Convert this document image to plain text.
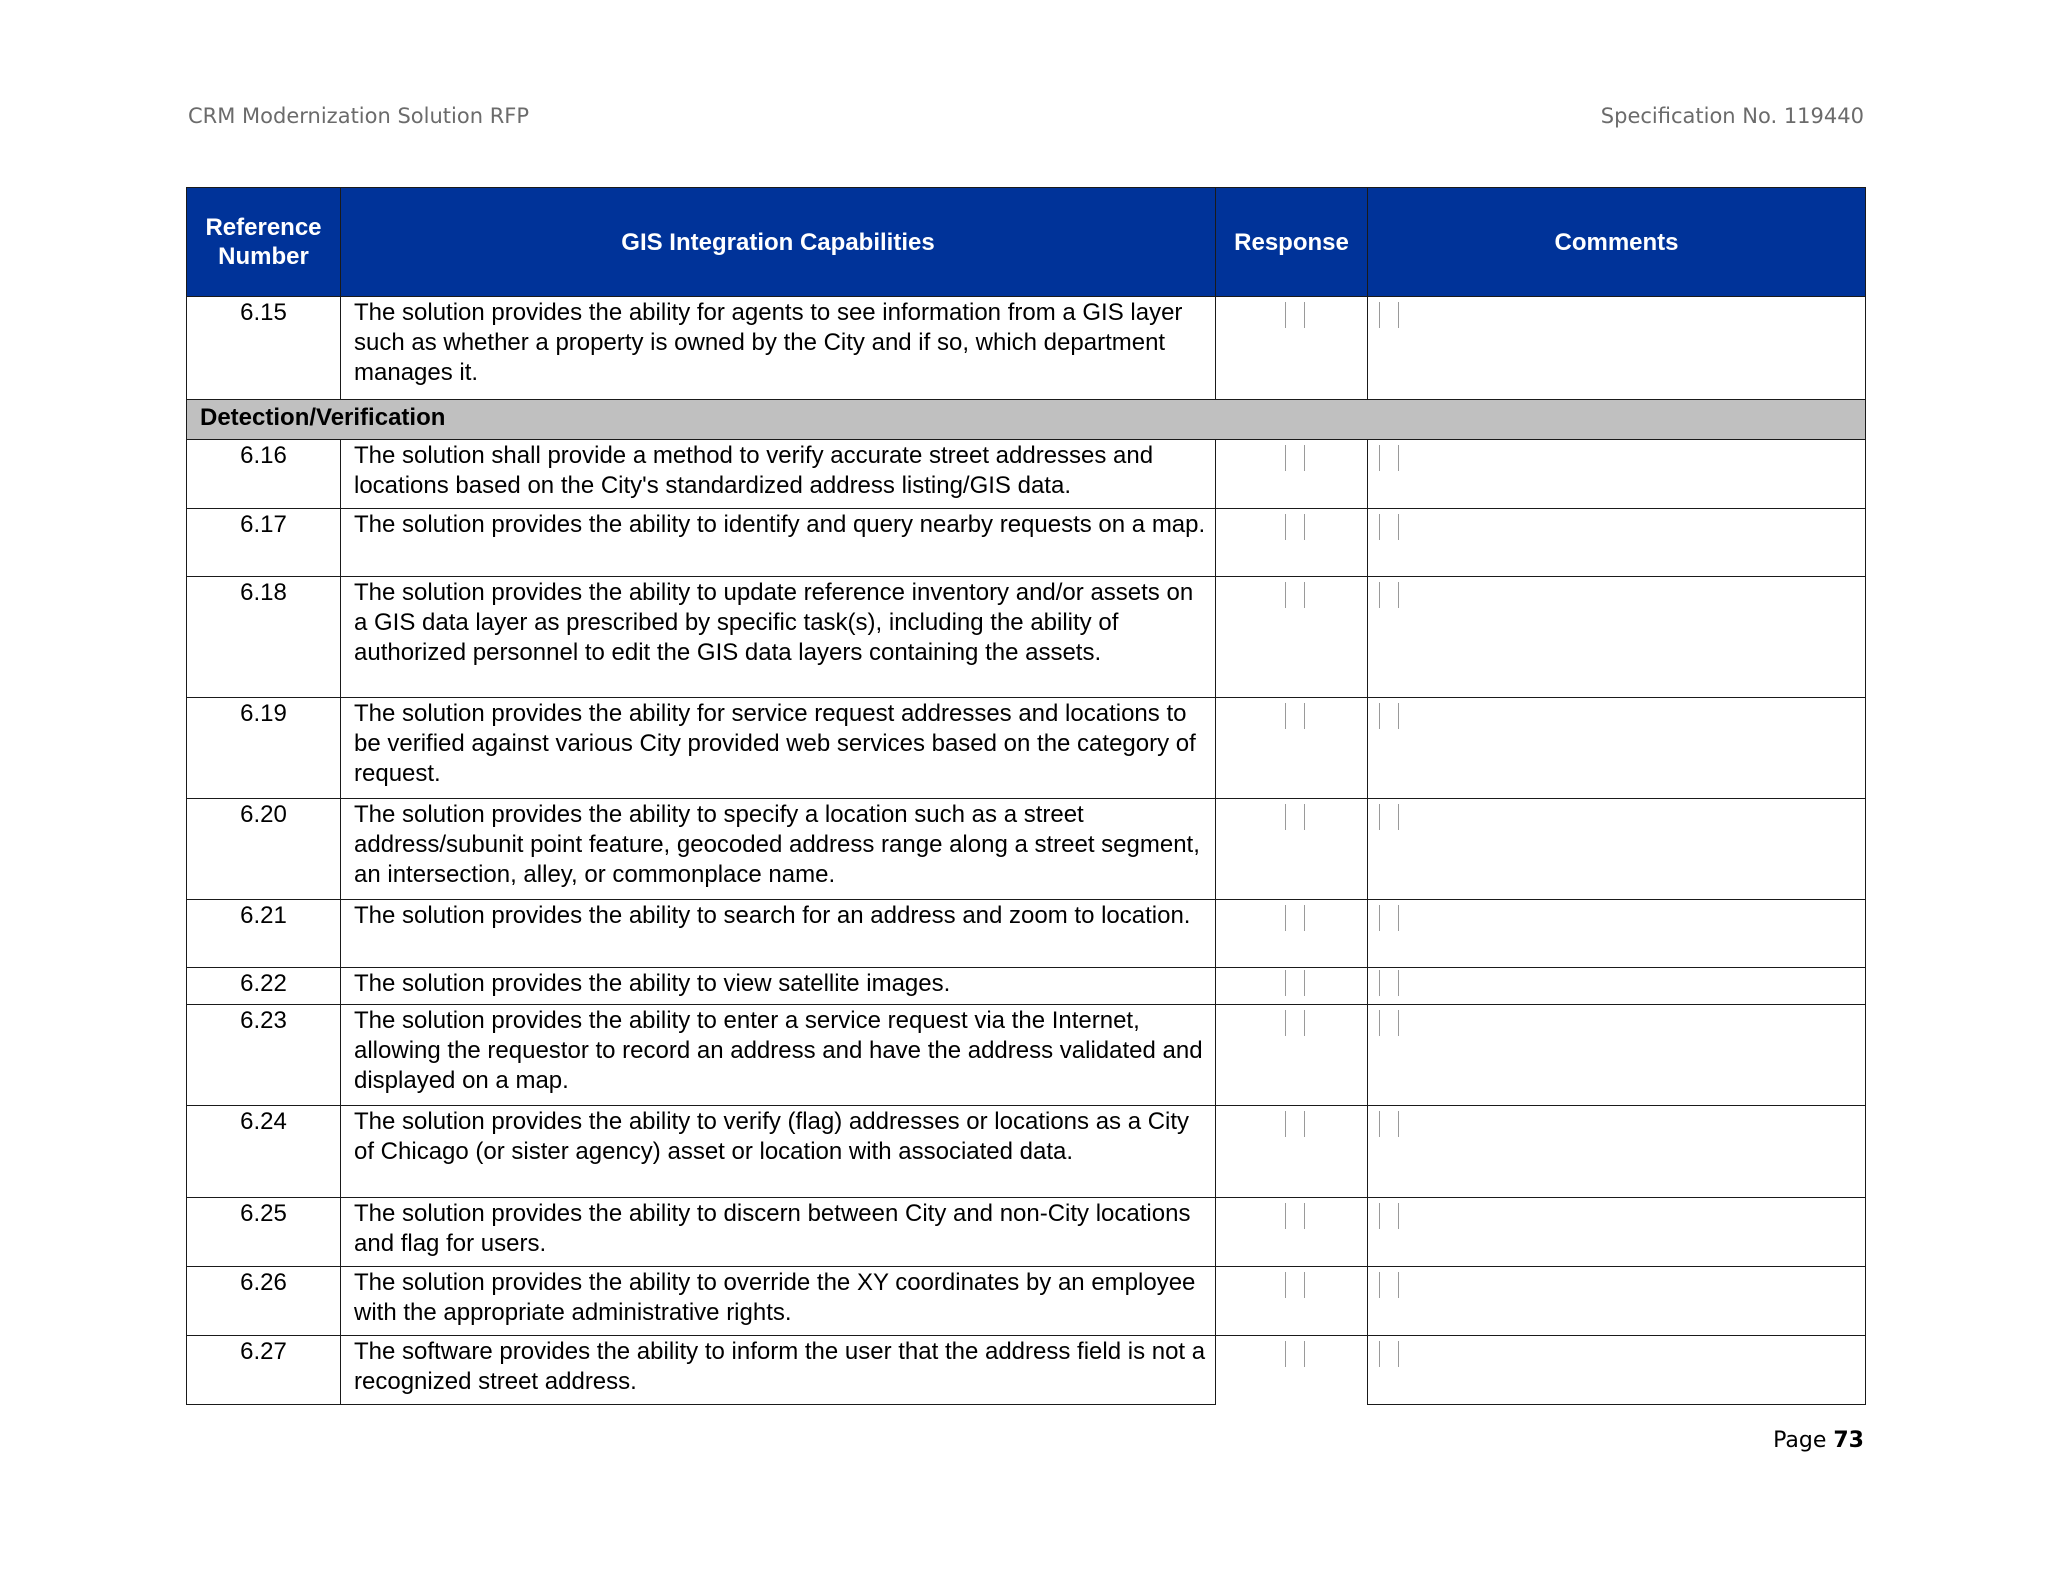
CRM Modernization Solution RFP	Specification No. 119440
Reference Number	GIS Integration Capabilities	Response	Comments
6.15	The solution provides the ability for agents to see information from a GIS layer such as whether a property is owned by the City and if so, which department manages it.		
Detection/Verification			
6.16	The solution shall provide a method to verify accurate street addresses and locations based on the City's standardized address listing/GIS data.		
6.17	The solution provides the ability to identify and query nearby requests on a map.		
6.18	The solution provides the ability to update reference inventory and/or assets on a GIS data layer as prescribed by specific task(s), including the ability of authorized personnel to edit the GIS data layers containing the assets.		
6.19	The solution provides the ability for service request addresses and locations to be verified against various City provided web services based on the category of request.		
6.20	The solution provides the ability to specify a location such as a street address/subunit point feature, geocoded address range along a street segment, an intersection, alley, or commonplace name.		
6.21	The solution provides the ability to search for an address and zoom to location.		
6.22	The solution provides the ability to view satellite images.		
6.23	The solution provides the ability to enter a service request via the Internet, allowing the requestor to record an address and have the address validated and displayed on a map.		
6.24	The solution provides the ability to verify (flag) addresses or locations as a City of Chicago (or sister agency) asset or location with associated data.		
6.25	The solution provides the ability to discern between City and non-City locations and flag for users.		
6.26	The solution provides the ability to override the XY coordinates by an employee with the appropriate administrative rights.		
6.27	The software provides the ability to inform the user that the address field is not a recognized street address.		
Page 73
